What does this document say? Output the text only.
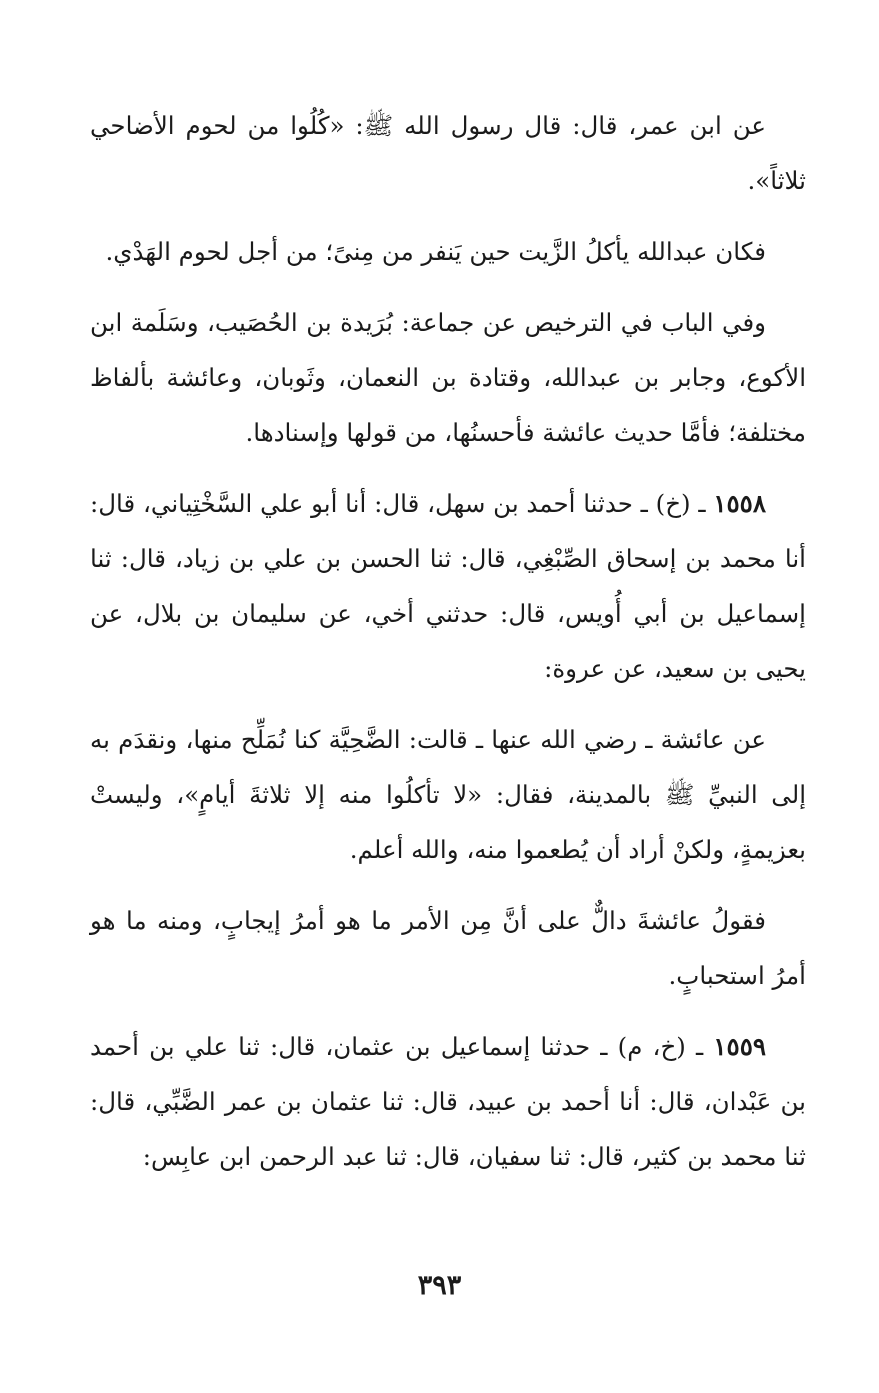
عن ابن عمر، قال: قال رسول الله ﷺ: «كُلُوا من لحوم الأضاحي ثلاثاً».

فكان عبدالله يأكلُ الزَّيت حين يَنفر من مِنىً؛ من أجل لحوم الهَدْي.

وفي الباب في الترخيص عن جماعة: بُرَيدة بن الحُصَيب، وسَلَمة ابن الأكوع، وجابر بن عبدالله، وقتادة بن النعمان، وثَوبان، وعائشة بألفاظ مختلفة؛ فأمَّا حديث عائشة فأحسنُها، من قولها وإسنادها.

١٥٥٨ ـ (خ) ـ حدثنا أحمد بن سهل، قال: أنا أبو علي السَّخْتِياني، قال: أنا محمد بن إسحاق الصِّبْغِي، قال: ثنا الحسن بن علي بن زياد، قال: ثنا إسماعيل بن أبي أُويس، قال: حدثني أخي، عن سليمان بن بلال، عن يحيى بن سعيد، عن عروة:

عن عائشة ـ رضي الله عنها ـ قالت: الضَّحِيَّة كنا نُمَلِّح منها، ونقدَم به إلى النبيِّ ﷺ بالمدينة، فقال: «لا تأكلُوا منه إلا ثلاثةَ أيامٍ»، وليستْ بعزيمةٍ، ولكنْ أراد أن يُطعموا منه، والله أعلم.

فقولُ عائشةَ دالٌّ على أنَّ مِن الأمر ما هو أمرُ إيجابٍ، ومنه ما هو أمرُ استحبابٍ.

١٥٥٩ ـ (خ، م) ـ حدثنا إسماعيل بن عثمان، قال: ثنا علي بن أحمد بن عَبْدان، قال: أنا أحمد بن عبيد، قال: ثنا عثمان بن عمر الضَّبِّي، قال: ثنا محمد بن كثير، قال: ثنا سفيان، قال: ثنا عبد الرحمن ابن عابِس:

٣٩٣
